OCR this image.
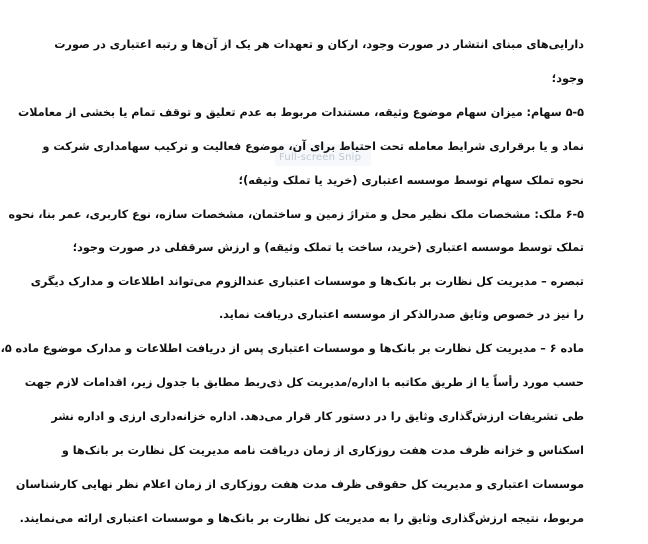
Full-screen Snip
دارایی‌های مبنای انتشار در صورت وجود، ارکان و تعهدات هر یک از آن‌ها و رتبه اعتباری در صورت
وجود؛
۵-۵ سهام: میزان سهام موضوع وثیقه، مستندات مربوط به عدم تعلیق و توقف تمام یا بخشی از معاملات
نماد و یا برقراری شرایط معامله تحت احتیاط برای آن، موضوع فعالیت و ترکیب سهامداری شرکت و
نحوه تملک سهام توسط موسسه اعتباری (خرید یا تملک وثیقه)؛
۶-۵ ملک: مشخصات ملک نظیر محل و متراژ زمین و ساختمان، مشخصات سازه، نوع کاربری، عمر بنا، نحوه
تملک توسط موسسه اعتباری (خرید، ساخت یا تملک وثیقه) و ارزش سرقفلی در صورت وجود؛
تبصره – مدیریت کل نظارت بر بانک‌ها و موسسات اعتباری عندالزوم می‌تواند اطلاعات و مدارک دیگری
را نیز در خصوص وثایق صدرالذکر از موسسه اعتباری دریافت نماید.
ماده ۶ – مدیریت کل نظارت بر بانک‌ها و موسسات اعتباری پس از دریافت اطلاعات و مدارک موضوع ماده ۵،
حسب مورد رأساً یا از طریق مکاتبه با اداره/مدیریت کل ذی‌ربط مطابق با جدول زیر، اقدامات لازم جهت
طی تشریفات ارزش‌گذاری وثایق را در دستور کار قرار می‌دهد. اداره خزانه‌داری ارزی و اداره نشر
اسکناس و خزانه ظرف مدت هفت روزکاری از زمان دریافت نامه مدیریت کل نظارت بر بانک‌ها و
موسسات اعتباری و مدیریت کل حقوقی ظرف مدت هفت روزکاری از زمان اعلام نظر نهایی کارشناسان
مربوط، نتیجه ارزش‌گذاری وثایق را به مدیریت کل نظارت بر بانک‌ها و موسسات اعتباری ارائه می‌نمایند.
